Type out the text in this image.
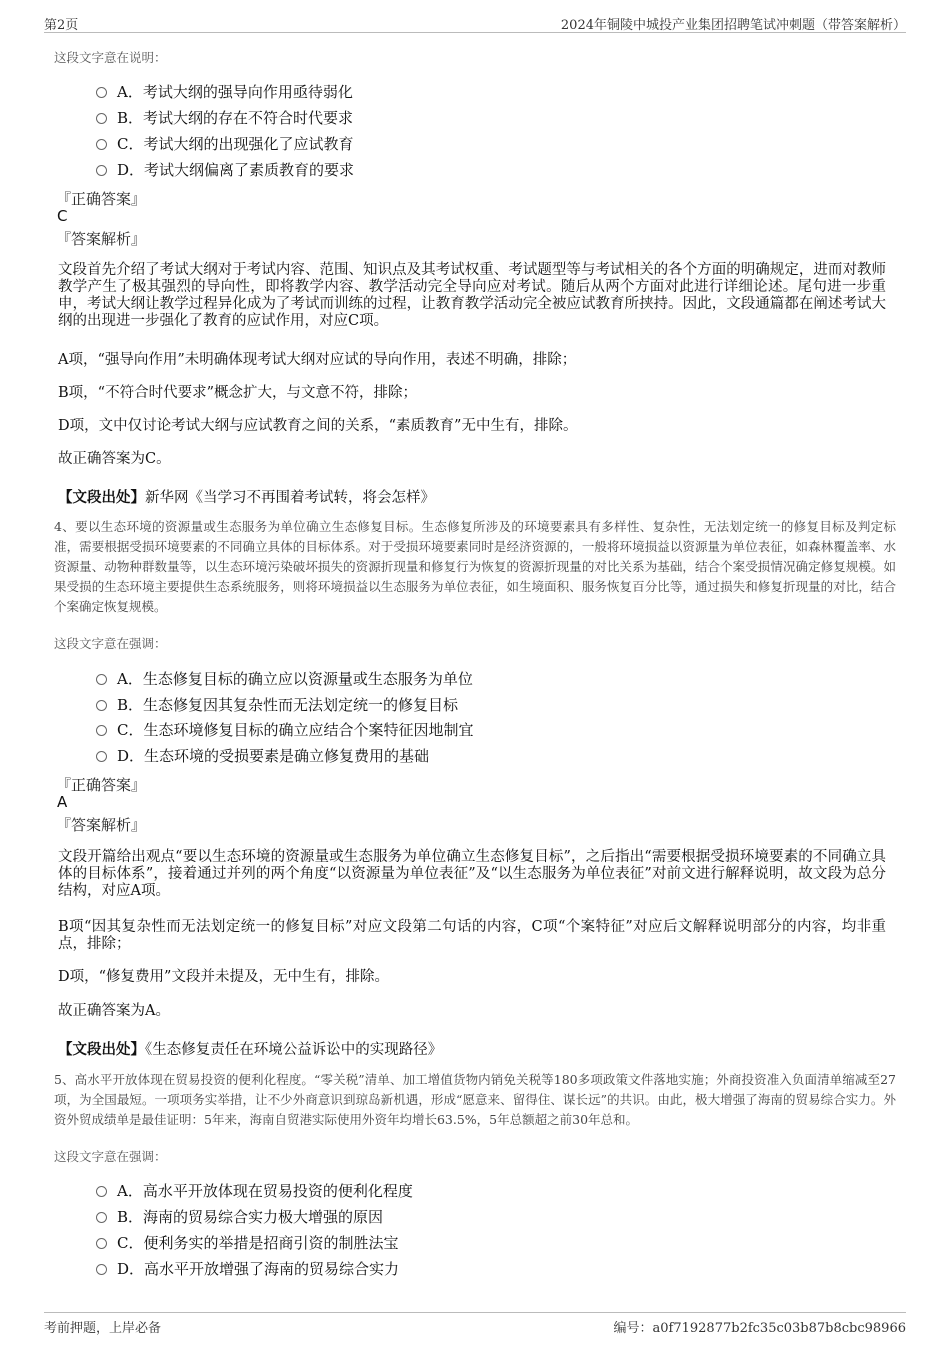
第2页	2024年铜陵中城投产业集团招聘笔试冲刺题（带答案解析）
这段文字意在说明：
A．考试大纲的强导向作用亟待弱化
B．考试大纲的存在不符合时代要求
C．考试大纲的出现强化了应试教育
D．考试大纲偏离了素质教育的要求
『正确答案』
C
『答案解析』
文段首先介绍了考试大纲对于考试内容、范围、知识点及其考试权重、考试题型等与考试相关的各个方面的明确规定，进而对教师教学产生了极其强烈的导向性，即将教学内容、教学活动完全导向应对考试。随后从两个方面对此进行详细论述。尾句进一步重申，考试大纲让教学过程异化成为了考试而训练的过程，让教育教学活动完全被应试教育所挟持。因此，文段通篇都在阐述考试大纲的出现进一步强化了教育的应试作用，对应C项。
A项，“强导向作用”未明确体现考试大纲对应试的导向作用，表述不明确，排除；
B项，“不符合时代要求”概念扩大，与文意不符，排除；
D项，文中仅讨论考试大纲与应试教育之间的关系，“素质教育”无中生有，排除。
故正确答案为C。
【文段出处】新华网《当学习不再围着考试转，将会怎样》
4、要以生态环境的资源量或生态服务为单位确立生态修复目标。生态修复所涉及的环境要素具有多样性、复杂性，无法划定统一的修复目标及判定标准，需要根据受损环境要素的不同确立具体的目标体系。对于受损环境要素同时是经济资源的，一般将环境损益以资源量为单位表征，如森林覆盖率、水资源量、动物种群数量等，以生态环境污染破坏损失的资源折现量和修复行为恢复的资源折现量的对比关系为基础，结合个案受损情况确定修复规模。如果受损的生态环境主要提供生态系统服务，则将环境损益以生态服务为单位表征，如生境面积、服务恢复百分比等，通过损失和修复折现量的对比，结合个案确定恢复规模。
这段文字意在强调：
A．生态修复目标的确立应以资源量或生态服务为单位
B．生态修复因其复杂性而无法划定统一的修复目标
C．生态环境修复目标的确立应结合个案特征因地制宜
D．生态环境的受损要素是确立修复费用的基础
『正确答案』
A
『答案解析』
文段开篇给出观点“要以生态环境的资源量或生态服务为单位确立生态修复目标”，之后指出“需要根据受损环境要素的不同确立具体的目标体系”，接着通过并列的两个角度“以资源量为单位表征”及“以生态服务为单位表征”对前文进行解释说明，故文段为总分结构，对应A项。
B项“因其复杂性而无法划定统一的修复目标”对应文段第二句话的内容，C项“个案特征”对应后文解释说明部分的内容，均非重点，排除；
D项，“修复费用”文段并未提及，无中生有，排除。
故正确答案为A。
【文段出处】《生态修复责任在环境公益诉讼中的实现路径》
5、高水平开放体现在贸易投资的便利化程度。“零关税”清单、加工增值货物内销免关税等180多项政策文件落地实施；外商投资准入负面清单缩减至27项，为全国最短。一项项务实举措，让不少外商意识到琼岛新机遇，形成“愿意来、留得住、谋长远”的共识。由此，极大增强了海南的贸易综合实力。外资外贸成绩单是最佳证明：5年来，海南自贸港实际使用外资年均增长63.5%，5年总额超之前30年总和。
这段文字意在强调：
A．高水平开放体现在贸易投资的便利化程度
B．海南的贸易综合实力极大增强的原因
C．便利务实的举措是招商引资的制胜法宝
D．高水平开放增强了海南的贸易综合实力
考前押题，上岸必备	编号：a0f7192877b2fc35c03b87b8cbc98966
